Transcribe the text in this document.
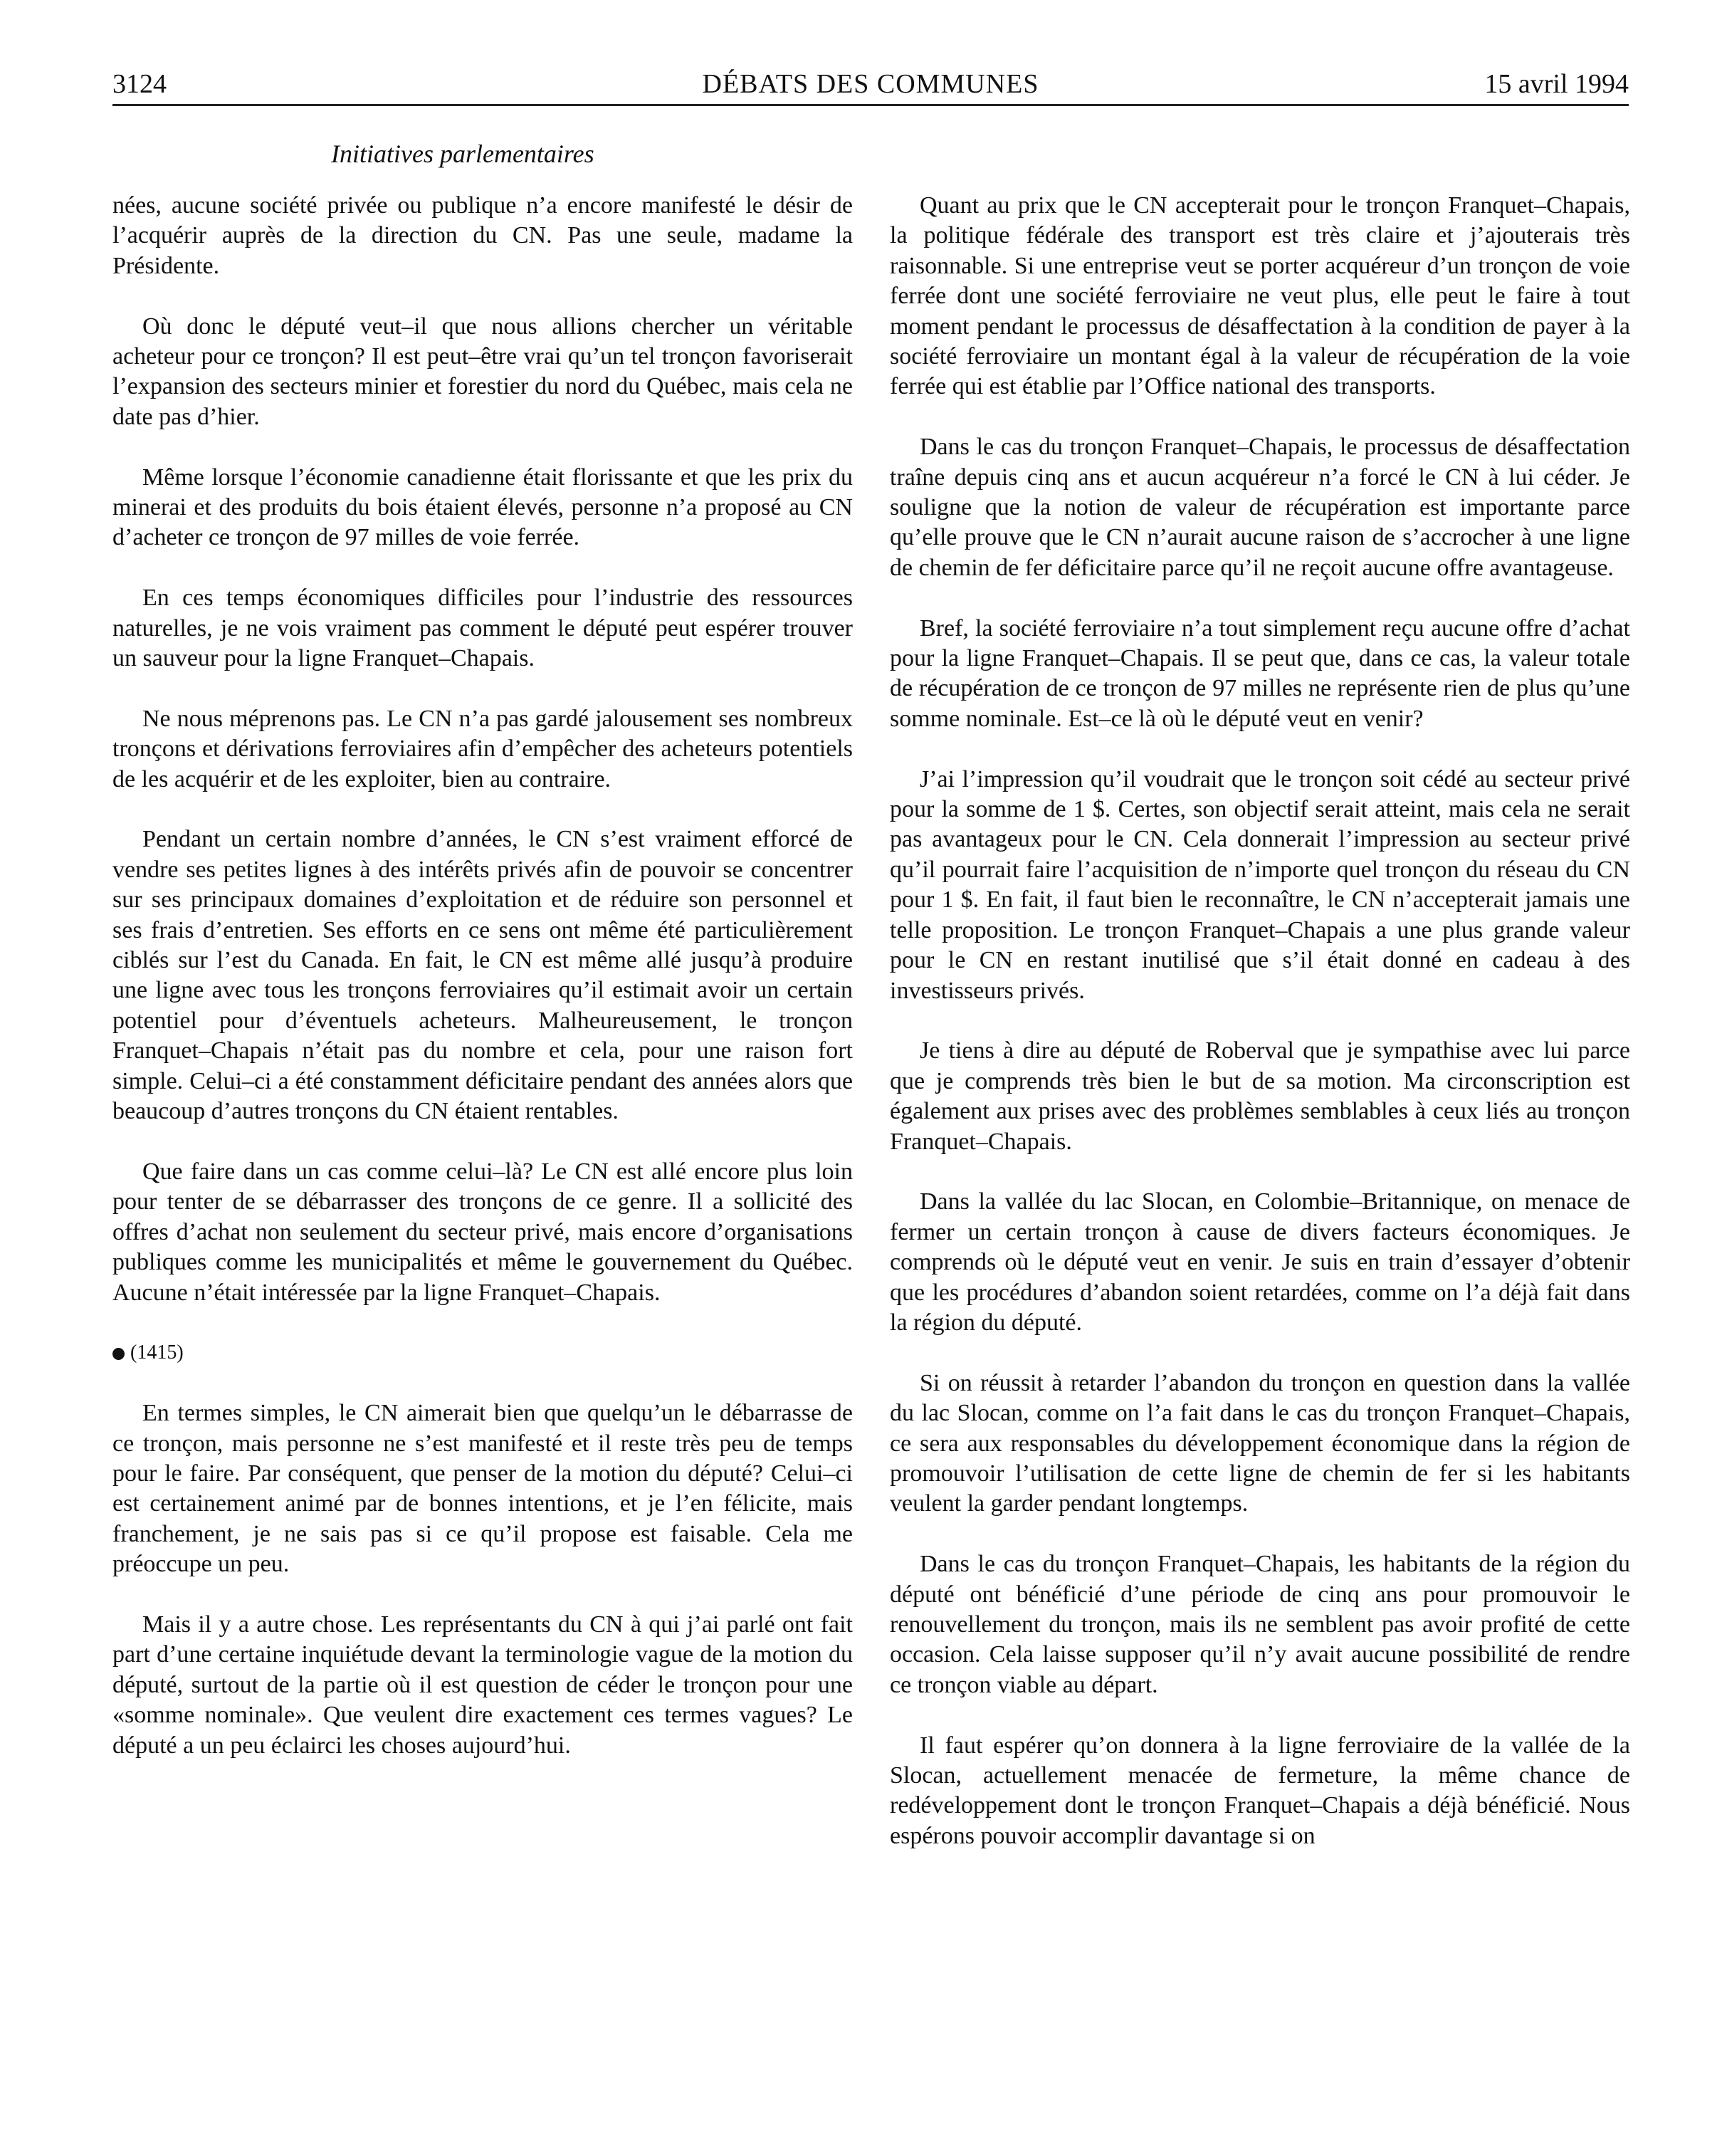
3124	DÉBATS DES COMMUNES	15 avril 1994
Initiatives parlementaires

nées, aucune société privée ou publique n’a encore manifesté le désir de l’acquérir auprès de la direction du CN. Pas une seule, madame la Présidente.

Où donc le député veut–il que nous allions chercher un véritable acheteur pour ce tronçon? Il est peut–être vrai qu’un tel tronçon favoriserait l’expansion des secteurs minier et forestier du nord du Québec, mais cela ne date pas d’hier.

Même lorsque l’économie canadienne était florissante et que les prix du minerai et des produits du bois étaient élevés, personne n’a proposé au CN d’acheter ce tronçon de 97 milles de voie ferrée.

En ces temps économiques difficiles pour l’industrie des ressources naturelles, je ne vois vraiment pas comment le député peut espérer trouver un sauveur pour la ligne Franquet–Chapais.

Ne nous méprenons pas. Le CN n’a pas gardé jalousement ses nombreux tronçons et dérivations ferroviaires afin d’empêcher des acheteurs potentiels de les acquérir et de les exploiter, bien au contraire.

Pendant un certain nombre d’années, le CN s’est vraiment efforcé de vendre ses petites lignes à des intérêts privés afin de pouvoir se concentrer sur ses principaux domaines d’exploitation et de réduire son personnel et ses frais d’entretien. Ses efforts en ce sens ont même été particulièrement ciblés sur l’est du Canada. En fait, le CN est même allé jusqu’à produire une ligne avec tous les tronçons ferroviaires qu’il estimait avoir un certain potentiel pour d’éventuels acheteurs. Malheureusement, le tronçon Franquet–Chapais n’était pas du nombre et cela, pour une raison fort simple. Celui–ci a été constamment déficitaire pendant des années alors que beaucoup d’autres tronçons du CN étaient rentables.

Que faire dans un cas comme celui–là? Le CN est allé encore plus loin pour tenter de se débarrasser des tronçons de ce genre. Il a sollicité des offres d’achat non seulement du secteur privé, mais encore d’organisations publiques comme les municipalités et même le gouvernement du Québec. Aucune n’était intéressée par la ligne Franquet–Chapais.

(1415)

En termes simples, le CN aimerait bien que quelqu’un le débarrasse de ce tronçon, mais personne ne s’est manifesté et il reste très peu de temps pour le faire. Par conséquent, que penser de la motion du député? Celui–ci est certainement animé par de bonnes intentions, et je l’en félicite, mais franchement, je ne sais pas si ce qu’il propose est faisable. Cela me préoccupe un peu.

Mais il y a autre chose. Les représentants du CN à qui j’ai parlé ont fait part d’une certaine inquiétude devant la terminologie vague de la motion du député, surtout de la partie où il est question de céder le tronçon pour une «somme nominale». Que veulent dire exactement ces termes vagues? Le député a un peu éclairci les choses aujourd’hui.

Quant au prix que le CN accepterait pour le tronçon Franquet–Chapais, la politique fédérale des transport est très claire et j’ajouterais très raisonnable. Si une entreprise veut se porter acquéreur d’un tronçon de voie ferrée dont une société ferroviaire ne veut plus, elle peut le faire à tout moment pendant le processus de désaffectation à la condition de payer à la société ferroviaire un montant égal à la valeur de récupération de la voie ferrée qui est établie par l’Office national des transports.

Dans le cas du tronçon Franquet–Chapais, le processus de désaffectation traîne depuis cinq ans et aucun acquéreur n’a forcé le CN à lui céder. Je souligne que la notion de valeur de récupération est importante parce qu’elle prouve que le CN n’aurait aucune raison de s’accrocher à une ligne de chemin de fer déficitaire parce qu’il ne reçoit aucune offre avantageuse.

Bref, la société ferroviaire n’a tout simplement reçu aucune offre d’achat pour la ligne Franquet–Chapais. Il se peut que, dans ce cas, la valeur totale de récupération de ce tronçon de 97 milles ne représente rien de plus qu’une somme nominale. Est–ce là où le député veut en venir?

J’ai l’impression qu’il voudrait que le tronçon soit cédé au secteur privé pour la somme de 1 $. Certes, son objectif serait atteint, mais cela ne serait pas avantageux pour le CN. Cela donnerait l’impression au secteur privé qu’il pourrait faire l’acquisition de n’importe quel tronçon du réseau du CN pour 1 $. En fait, il faut bien le reconnaître, le CN n’accepterait jamais une telle proposition. Le tronçon Franquet–Chapais a une plus grande valeur pour le CN en restant inutilisé que s’il était donné en cadeau à des investisseurs privés.

Je tiens à dire au député de Roberval que je sympathise avec lui parce que je comprends très bien le but de sa motion. Ma circonscription est également aux prises avec des problèmes semblables à ceux liés au tronçon Franquet–Chapais.

Dans la vallée du lac Slocan, en Colombie–Britannique, on menace de fermer un certain tronçon à cause de divers facteurs économiques. Je comprends où le député veut en venir. Je suis en train d’essayer d’obtenir que les procédures d’abandon soient retardées, comme on l’a déjà fait dans la région du député.

Si on réussit à retarder l’abandon du tronçon en question dans la vallée du lac Slocan, comme on l’a fait dans le cas du tronçon Franquet–Chapais, ce sera aux responsables du développement économique dans la région de promouvoir l’utilisation de cette ligne de chemin de fer si les habitants veulent la garder pendant longtemps.

Dans le cas du tronçon Franquet–Chapais, les habitants de la région du député ont bénéficié d’une période de cinq ans pour promouvoir le renouvellement du tronçon, mais ils ne semblent pas avoir profité de cette occasion. Cela laisse supposer qu’il n’y avait aucune possibilité de rendre ce tronçon viable au départ.

Il faut espérer qu’on donnera à la ligne ferroviaire de la vallée de la Slocan, actuellement menacée de fermeture, la même chance de redéveloppement dont le tronçon Franquet–Chapais a déjà bénéficié. Nous espérons pouvoir accomplir davantage si on
